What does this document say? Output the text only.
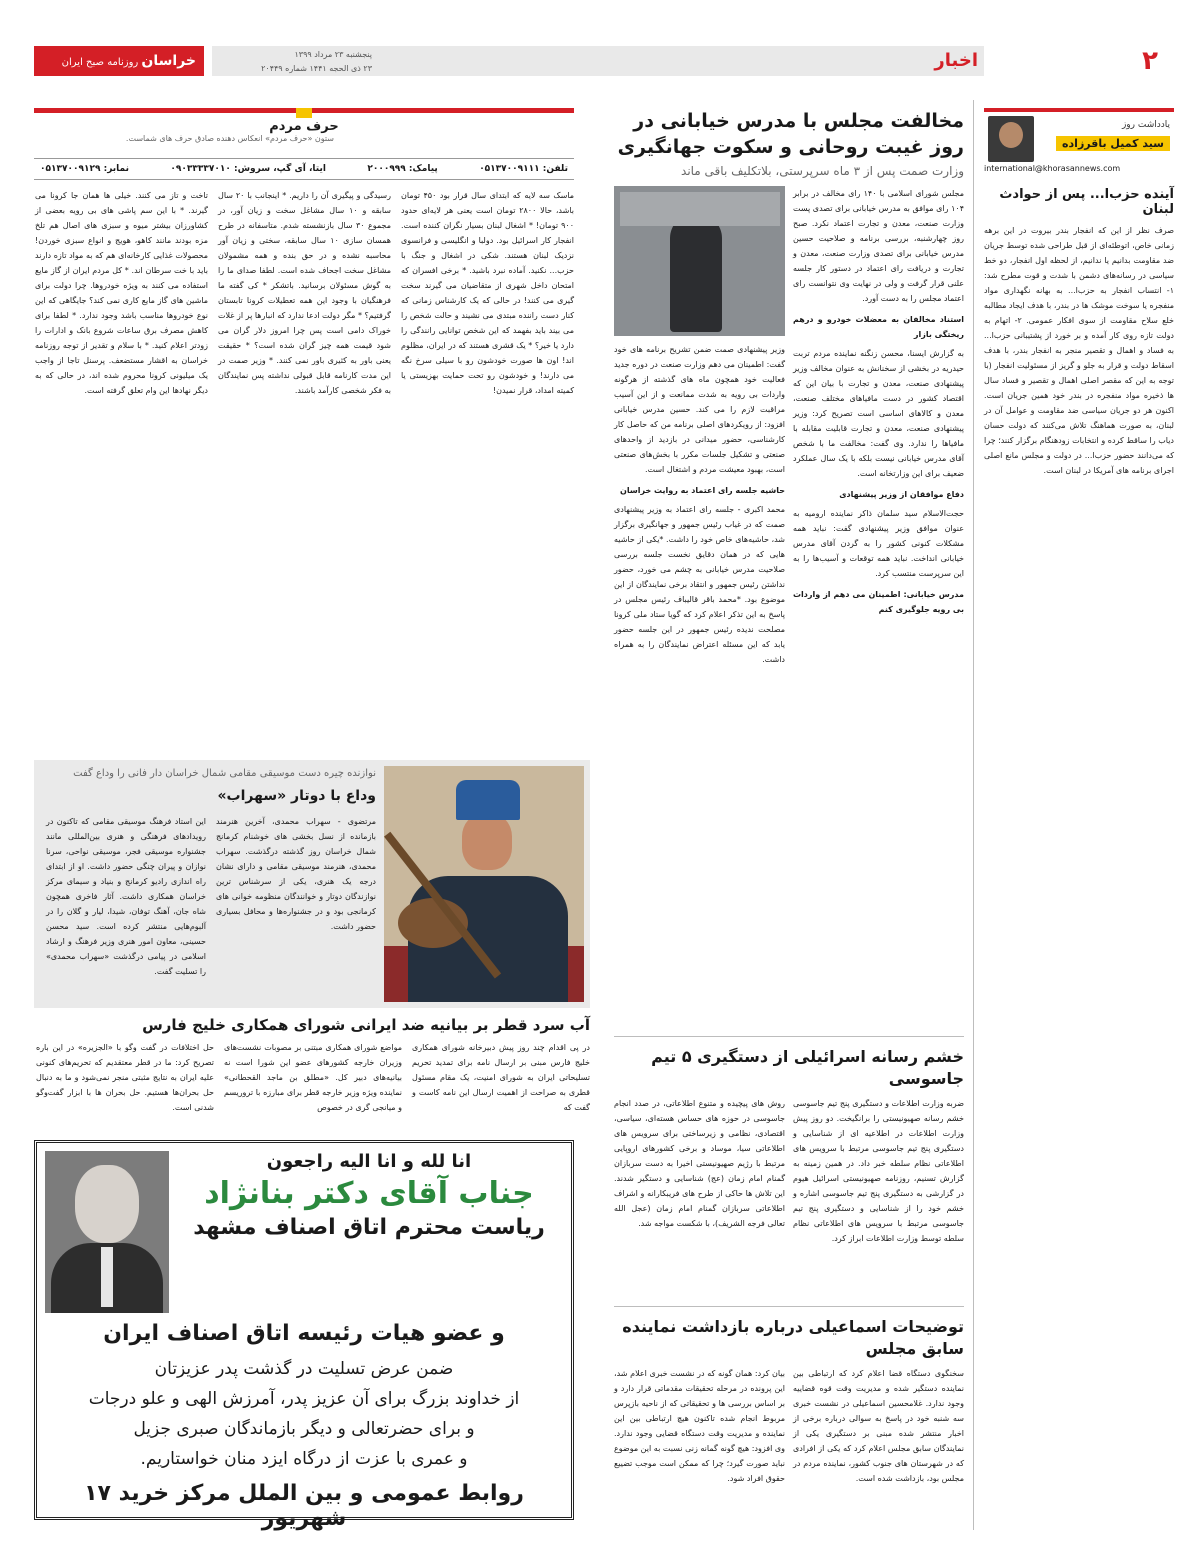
۲
اخبار
پنجشنبه ۲۳ مرداد ۱۳۹۹
۲۳ ذی الحجه ۱۴۴۱ شماره ۲۰۴۴۹
خراسان روزنامه صبح ایران
یادداشت روز
سید کمیل باقرزاده
international@khorasannews.com
آینده حزب‌ا... پس از حوادث لبنان

صرف نظر از این که انفجار بندر بیروت در این برهه زمانی خاص، اتوطئه‌ای از قبل طراحی شده توسط جریان ضد مقاومت بدانیم یا ندانیم، از لحظه اول انفجار، دو خط سیاسی در رسانه‌های دشمن با شدت و قوت مطرح شد: ۱- انتساب انفجار به حزب‌ا... به بهانه نگهداری مواد منفجره یا سوخت موشک ها در بندر، با هدف ایجاد مطالبه خلع سلاح مقاومت از سوی افکار عمومی. ۲- اتهام به دولت تازه روی کار آمده و بر خورد از پشتیبانی حزب‌ا... به فساد و اهمال و تقصیر منجر به انفجار بندر، با هدف اسقاط دولت و قرار به جلو و گریز از مسئولیت انفجار (با توجه به این که مقصر اصلی اهمال و تقصیر و فساد سال ها ذخیره مواد منفجره در بندر خود همین جریان است. اکنون هر دو جریان سیاسی ضد مقاومت و عوامل آن در لبنان، به صورت هماهنگ تلاش می‌کنند که دولت حسان دیاب را ساقط کرده و انتخابات زودهنگام برگزار کنند؛ چرا که می‌دانند حضور حزب‌ا... در دولت و مجلس مانع اصلی اجرای برنامه های آمریکا در لبنان است.

مخالفت مجلس با مدرس خیابانی در روز غیبت روحانی و سکوت جهانگیری
وزارت صمت پس از ۳ ماه سرپرستی، بلاتکلیف باقی ماند

مجلس شورای اسلامی با ۱۴۰ رای مخالف در برابر ۱۰۴ رای موافق به مدرس خیابانی برای تصدی پست وزارت صنعت، معدن و تجارت اعتماد نکرد. صبح روز چهارشنبه، بررسی برنامه و صلاحیت حسین مدرس خیابانی برای تصدی وزارت صنعت، معدن و تجارت و دریافت رای اعتماد در دستور کار جلسه علنی قرار گرفت و ولی در نهایت وی نتوانست رای اعتماد مجلس را به دست آورد.

استناد مخالفان به معضلات خودرو و درهم ریختگی بازار

به گزارش ایسنا، محسن زنگنه نماینده مردم تربت حیدریه در بخشی از سخنانش به عنوان مخالف وزیر پیشنهادی صنعت، معدن و تجارت با بیان این که اقتصاد کشور در دست مافیاهای مختلف صنعت، معدن و کالاهای اساسی است تصریح کرد: وزیر پیشنهادی صنعت، معدن و تجارت قابلیت مقابله با مافیاها را ندارد. وی گفت: مخالفت ما با شخص آقای مدرس خیابانی نیست بلکه با یک سال عملکرد ضعیف برای این وزارتخانه است.

دفاع موافقان از وزیر پیشنهادی

حجت‌الاسلام سید سلمان ذاکر نماینده ارومیه به عنوان موافق وزیر پیشنهادی گفت: نباید همه مشکلات کنونی کشور را به گردن آقای مدرس خیابانی انداخت. نباید همه توقعات و آسیب‌ها را به این سرپرست منتسب کرد.

مدرس خیابانی: اطمینان می دهم از واردات بی رویه جلوگیری کنم

وزیر پیشنهادی صمت ضمن تشریح برنامه های خود گفت: اطمینان می دهم وزارت صنعت در دوره جدید فعالیت خود همچون ماه های گذشته از هرگونه واردات بی رویه به شدت ممانعت و از این آسیب مراقبت لازم را می کند. حسین مدرس خیابانی افزود: از رویکردهای اصلی برنامه من که حاصل کار کارشناسی، حضور میدانی در بازدید از واحدهای صنعتی و تشکیل جلسات مکرر با بخش‌های صنعتی است، بهبود معیشت مردم و اشتغال است.

حاشیه جلسه رای اعتماد به روایت خراسان

محمد اکبری - جلسه رای اعتماد به وزیر پیشنهادی صمت که در غیاب رئیس جمهور و جهانگیری برگزار شد، حاشیه‌های خاص خود را داشت. *یکی از حاشیه هایی که در همان دقایق نخست جلسه بررسی صلاحیت مدرس خیابانی به چشم می خورد، حضور نداشتن رئیس جمهور و انتقاد برخی نمایندگان از این موضوع بود. *محمد باقر قالیباف رئیس مجلس در پاسخ به این تذکر اعلام کرد که گویا ستاد ملی کرونا مصلحت ندیده رئیس جمهور در این جلسه حضور یابد که این مسئله اعتراض نمایندگان را به همراه داشت.

خشم رسانه اسرائیلی از دستگیری ۵ تیم جاسوسی

ضربه وزارت اطلاعات و دستگیری پنج تیم جاسوسی خشم رسانه صهیونیستی را برانگیخت. دو روز پیش وزارت اطلاعات در اطلاعیه ای از شناسایی و دستگیری پنج تیم جاسوسی مرتبط با سرویس های اطلاعاتی نظام سلطه خبر داد. در همین زمینه به گزارش تسنیم، روزنامه صهیونیستی اسرائیل هیوم در گزارشی به دستگیری پنج تیم جاسوسی اشاره و خشم خود را از شناسایی و دستگیری پنج تیم جاسوسی مرتبط با سرویس های اطلاعاتی نظام سلطه توسط وزارت اطلاعات ابراز کرد.

روش های پیچیده و متنوع اطلاعاتی، در صدد انجام جاسوسی در حوزه های حساس هسته‌ای، سیاسی، اقتصادی، نظامی و زیرساختی برای سرویس های اطلاعاتی سیا، موساد و برخی کشورهای اروپایی مرتبط با رژیم صهیونیستی اخیرا به دست سربازان گمنام امام زمان (عج) شناسایی و دستگیر شدند. این تلاش ها حاکی از طرح های فریبکارانه و اشراف اطلاعاتی سربازان گمنام امام زمان (عجل الله تعالی فرجه الشریف)، با شکست مواجه شد.

توضیحات اسماعیلی درباره بازداشت نماینده سابق مجلس

سخنگوی دستگاه قضا اعلام کرد که ارتباطی بین نماینده دستگیر شده و مدیریت وقت قوه قضاییه وجود ندارد. غلامحسین اسماعیلی در نشست خبری سه شنبه خود در پاسخ به سوالی درباره برخی از اخبار منتشر شده مبنی بر دستگیری یکی از نمایندگان سابق مجلس اعلام کرد که یکی از افرادی که در شهرستان های جنوب کشور، نماینده مردم در مجلس بود، بازداشت شده است.

بیان کرد: همان گونه که در نشست خبری اعلام شد، این پرونده در مرحله تحقیقات مقدماتی قرار دارد و بر اساس بررسی ها و تحقیقاتی که از ناحیه بازپرس مربوط انجام شده تاکنون هیچ ارتباطی بین این نماینده و مدیریت وقت دستگاه قضایی وجود ندارد. وی افزود: هیچ گونه گمانه زنی نسبت به این موضوع نباید صورت گیرد؛ چرا که ممکن است موجب تضییع حقوق افراد شود.

حرف مردم
ستون «حرف مردم» انعکاس دهنده صادق حرف های شماست.
تلفن: ۰۵۱۳۷۰۰۹۱۱۱
پیامک: ۲۰۰۰۹۹۹
ایتا، آی گپ، سروش: ۰۹۰۳۳۳۳۷۰۱۰
نمابر: ۰۵۱۳۷۰۰۹۱۲۹
ماسک سه لایه که ابتدای سال قرار بود ۴۵۰ تومان باشد، حالا ۲۸۰۰ تومان است یعنی هر لایه‌ای حدود ۹۰۰ تومان! * اشغال لبنان بسیار نگران کننده است. انفجار کار اسرائیل بود. دولبا و انگلیسی و فرانسوی نزدیک لبنان هستند. شکی در اشغال و جنگ با حزب... نکنید. آماده نبرد باشید. * برخی افسران که امتحان داخل شهری از متقاضیان می گیرند سخت گیری می کنند! در حالی که یک کارشناس زمانی که کنار دست راننده مبتدی می نشیند و حالت شخص را می بیند باید بفهمد که این شخص توانایی رانندگی را دارد یا خیر؟ * یک قشری هستند که در ایران، مظلوم اند! اون ها صورت خودشون رو با سیلی سرخ نگه می دارند! و خودشون رو تحت حمایت بهزیستی یا کمیته امداد، قرار نمیدن!
رسیدگی و پیگیری آن را داریم. * اینجانب با ۲۰ سال سابقه و ۱۰ سال مشاغل سخت و زیان آور، در مجموع ۳۰ سال بازنشسته شدم. متاسفانه در طرح همسان سازی ۱۰ سال سابقه، سختی و زیان آور محاسبه نشده و در حق بنده و همه مشمولان مشاغل سخت اجحاف شده است. لطفا صدای ما را به گوش مسئولان برسانید. باتشکر * کی گفته ما فرهنگیان با وجود این همه تعطیلات کرونا تابستان گرفتیم؟ * مگر دولت ادعا ندارد که انبارها پر از غلات خوراک دامی است پس چرا امروز دلار گران می شود قیمت همه چیز گران شده است؟ * حقیقت یعنی باور به کثیری باور نمی کنند. * وزیر صمت در این مدت کارنامه قابل قبولی نداشته پس نمایندگان به فکر شخصی کارآمد باشند.
تاخت و تاز می کنند. خیلی ها همان جا کرونا می گیرند. * با این سم پاشی های بی رویه بعضی از کشاورزان بیشتر میوه و سبزی های اصال هم تلخ مزه بودند مانند کاهو، هویج و انواع سبزی خوردن! محصولات غذایی کارخانه‌ای هم که به مواد تازه دارند باید با خت سرطان اند. * کل مردم ایران از گاز مایع استفاده می کنند به ویژه خودروها. چرا دولت برای ماشین های گاز مایع کاری نمی کند؟ جایگاهی که این نوع خودروها مناسب باشد وجود ندارد. * لطفا برای کاهش مصرف برق ساعات شروع بانک و ادارات را زودتر اعلام کنید. * با سلام و تقدیر از توجه روزنامه خراسان به اقشار مستضعف. پرسنل تاجا از واجب یک میلیونی کرونا محروم شده اند، در حالی که به دیگر نهادها این وام تعلق گرفته است.
نوازنده چیره دست موسیقی مقامی شمال خراسان دار فانی را وداع گفت
وداع با دوتار «سهراب»

مرتضوی - سهراب محمدی، آخرین هنرمند بازمانده از نسل بخشی های خوشنام کرمانج شمال خراسان روز گذشته درگذشت. سهراب محمدی، هنرمند موسیقی مقامی و دارای نشان درجه یک هنری، یکی از سرشناس ترین نوازندگان دوتار و خوانندگان منظومه خوانی های کرمانجی بود و در جشنواره‌ها و محافل بسیاری حضور داشت.

این استاد فرهنگ موسیقی مقامی که تاکنون در رویدادهای فرهنگی و هنری بین‌المللی مانند جشنواره موسیقی فجر، موسیقی نواحی، سرنا نوازان و پیران چنگی حضور داشت. او از ابتدای راه اندازی رادیو کرمانج و بنیاد و سیمای مرکز خراسان همکاری داشت. آثار فاخری همچون شاه جان، آهنگ توفان، شیدا، لیار و گلان را در آلبوم‌هایی منتشر کرده است. سید محسن حسینی، معاون امور هنری وزیر فرهنگ و ارشاد اسلامی در پیامی درگذشت «سهراب محمدی» را تسلیت گفت.

آب سرد قطر بر بیانیه ضد ایرانی شورای همکاری خلیج فارس

در پی اقدام چند روز پیش دبیرخانه شورای همکاری خلیج فارس مبنی بر ارسال نامه برای تمدید تحریم تسلیحاتی ایران به شورای امنیت، یک مقام مسئول قطری به صراحت از اهمیت ارسال این نامه کاست و گفت که

مواضع شورای همکاری مبتنی بر مصوبات نشست‌های وزیران خارجه کشورهای عضو این شورا است نه بیانیه‌های دبیر کل. «مطلق بن ماجد القحطانی» نماینده ویژه وزیر خارجه قطر برای مبارزه با تروریسم و میانجی گری در خصوص

حل اختلافات در گفت وگو با «الجزیره» در این باره تصریح کرد: ما در قطر معتقدیم که تحریم‌های کنونی علیه ایران به نتایج مثبتی منجر نمی‌شود و ما به دنبال حل بحران‌ها هستیم. حل بحران ها با ابزار گفت‌وگو شدنی است.

انا لله و انا الیه راجعون
جناب آقای دکتر بنانژاد
ریاست محترم اتاق اصناف مشهد
و عضو هیات رئیسه اتاق اصناف ایران
ضمن عرض تسلیت در گذشت پدر عزیزتان
از خداوند بزرگ برای آن عزیز پدر، آمرزش الهی و علو درجات
و برای حضرتعالی و دیگر بازماندگان صبری جزیل
و عمری با عزت از درگاه ایزد منان خواستاریم.
روابط عمومی و بین الملل مرکز خرید ۱۷ شهریور
